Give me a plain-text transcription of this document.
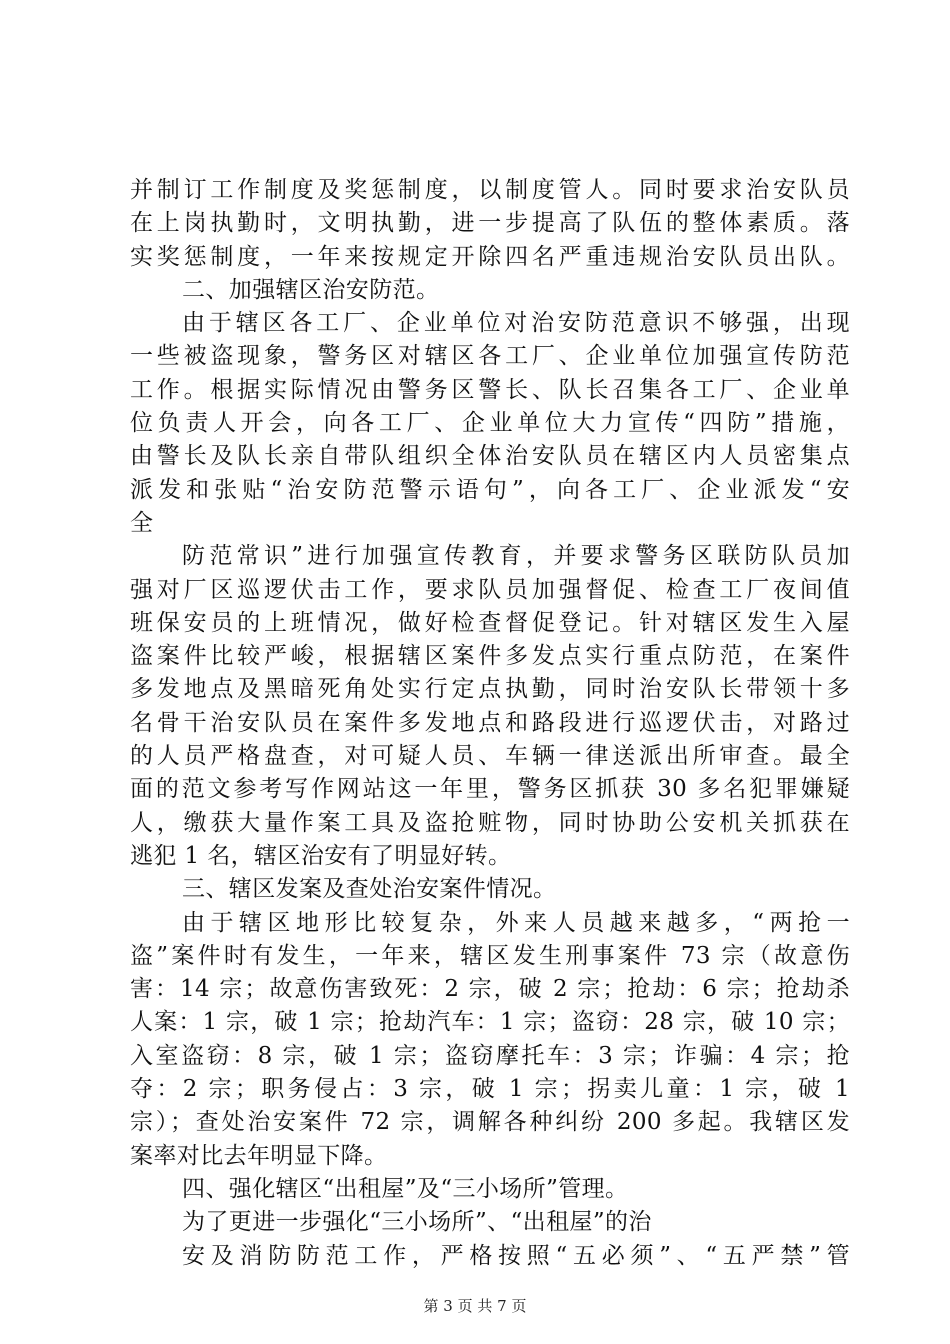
并制订工作制度及奖惩制度，以制度管人。同时要求治安队员
在上岗执勤时，文明执勤，进一步提高了队伍的整体素质。落
实奖惩制度，一年来按规定开除四名严重违规治安队员出队。
二、加强辖区治安防范。
由于辖区各工厂、企业单位对治安防范意识不够强，出现
一些被盗现象，警务区对辖区各工厂、企业单位加强宣传防范
工作。根据实际情况由警务区警长、队长召集各工厂、企业单
位负责人开会，向各工厂、企业单位大力宣传“四防”措施，
由警长及队长亲自带队组织全体治安队员在辖区内人员密集点
派发和张贴“治安防范警示语句”，向各工厂、企业派发“安
全
防范常识”进行加强宣传教育，并要求警务区联防队员加
强对厂区巡逻伏击工作，要求队员加强督促、检查工厂夜间值
班保安员的上班情况，做好检查督促登记。针对辖区发生入屋
盗案件比较严峻，根据辖区案件多发点实行重点防范，在案件
多发地点及黑暗死角处实行定点执勤，同时治安队长带领十多
名骨干治安队员在案件多发地点和路段进行巡逻伏击，对路过
的人员严格盘查，对可疑人员、车辆一律送派出所审查。最全
面的范文参考写作网站这一年里，警务区抓获 30 多名犯罪嫌疑
人，缴获大量作案工具及盗抢赃物，同时协助公安机关抓获在
逃犯 1 名，辖区治安有了明显好转。
三、辖区发案及查处治安案件情况。
由于辖区地形比较复杂，外来人员越来越多，“两抢一
盗”案件时有发生，一年来，辖区发生刑事案件 73 宗（故意伤
害：14 宗；故意伤害致死：2 宗，破 2 宗；抢劫：6 宗；抢劫杀
人案：1 宗，破 1 宗；抢劫汽车：1 宗；盗窃：28 宗，破 10 宗；
入室盗窃：8 宗，破 1 宗；盗窃摩托车：3 宗；诈骗：4 宗；抢
夺：2 宗；职务侵占：3 宗，破 1 宗；拐卖儿童：1 宗，破 1
宗）；查处治安案件 72 宗，调解各种纠纷 200 多起。我辖区发
案率对比去年明显下降。
四、强化辖区“出租屋”及“三小场所”管理。
为了更进一步强化“三小场所”、“出租屋”的治
安及消防防范工作，严格按照“五必须”、“五严禁”管
第 3 页 共 7 页
